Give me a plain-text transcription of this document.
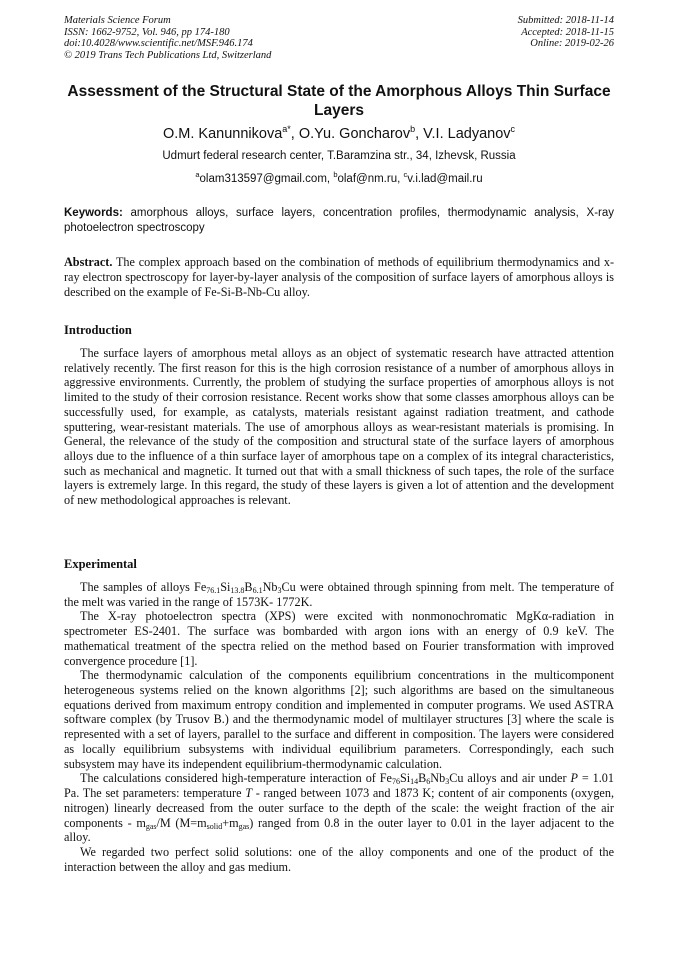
Materials Science Forum
ISSN: 1662-9752, Vol. 946, pp 174-180
doi:10.4028/www.scientific.net/MSF.946.174
© 2019 Trans Tech Publications Ltd, Switzerland
Submitted: 2018-11-14
Accepted: 2018-11-15
Online: 2019-02-26
Assessment of the Structural State of the Amorphous Alloys Thin Surface Layers
O.M. Kanunnikova$^{a*}$, O.Yu. Goncharov$^b$, V.I. Ladyanov$^c$
Udmurt federal research center, T.Baramzina str., 34, Izhevsk, Russia
$^a$olam313597@gmail.com, $^b$olaf@nm.ru, $^c$v.i.lad@mail.ru
Keywords: amorphous alloys, surface layers, concentration profiles, thermodynamic analysis, X-ray photoelectron spectroscopy
Abstract. The complex approach based on the combination of methods of equilibrium thermodynamics and x-ray electron spectroscopy for layer-by-layer analysis of the composition of surface layers of amorphous alloys is described on the example of Fe-Si-B-Nb-Cu alloy.
Introduction

The surface layers of amorphous metal alloys as an object of systematic research have attracted attention relatively recently. The first reason for this is the high corrosion resistance of a number of amorphous alloys in aggressive environments. Currently, the problem of studying the surface properties of amorphous alloys is not limited to the study of their corrosion resistance. Recent works show that some classes amorphous alloys can be successfully used, for example, as catalysts, materials resistant against radiation treatment, and cathode sputtering, wear-resistant materials. The use of amorphous alloys as wear-resistant materials is promising. In General, the relevance of the study of the composition and structural state of the surface layers of amorphous alloys due to the influence of a thin surface layer of amorphous tape on a complex of its integral characteristics, such as mechanical and magnetic. It turned out that with a small thickness of such tapes, the role of the surface layers is extremely large. In this regard, the study of these layers is given a lot of attention and the development of new methodological approaches is relevant.

Experimental

The samples of alloys $Fe_{76.1}Si_{13.8}B_{6.1}Nb_3Cu$ were obtained through spinning from melt. The temperature of the melt was varied in the range of 1573K- 1772K.

The X-ray photoelectron spectra (XPS) were excited with nonmonochromatic MgKα-radiation in spectrometer ES-2401. The surface was bombarded with argon ions with an energy of 0.9 keV. The mathematical treatment of the spectra relied on the method based on Fourier transformation with improved convergence procedure [1].

The thermodynamic calculation of the components equilibrium concentrations in the multicomponent heterogeneous systems relied on the known algorithms [2]; such algorithms are based on the simultaneous equations derived from maximum entropy condition and implemented in computer programs. We used ASTRA software complex (by Trusov B.) and the thermodynamic model of multilayer structures [3] where the scale is represented with a set of layers, parallel to the surface and different in composition. The layers were considered as locally equilibrium subsystems with individual equilibrium parameters. Correspondingly, each such subsystem may have its independent equilibrium-thermodynamic calculation.

The calculations considered high-temperature interaction of $Fe_{76}Si_{14}B_6Nb_3Cu$ alloys and air under P = 1.01 Pa. The set parameters: temperature T - ranged between 1073 and 1873 K; content of air components (oxygen, nitrogen) linearly decreased from the outer surface to the depth of the scale: the weight fraction of the air components - $m_{gas}/M$ $(M=m_{solid}+m_{gas})$ ranged from 0.8 in the outer layer to 0.01 in the layer adjacent to the alloy.

We regarded two perfect solid solutions: one of the alloy components and one of the product of the interaction between the alloy and gas medium.
